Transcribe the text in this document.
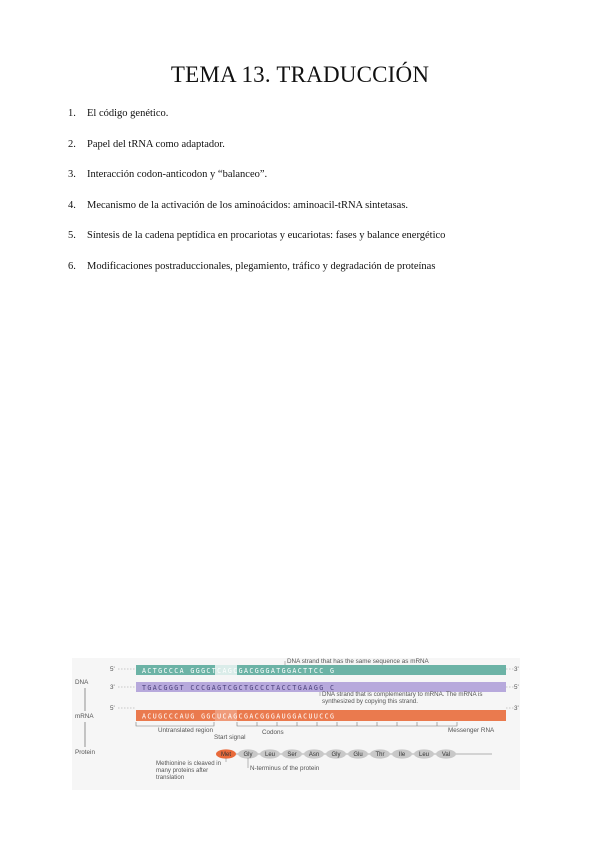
TEMA 13. TRADUCCIÓN
1. El código genético.
2. Papel del tRNA como adaptador.
3. Interacción codon-anticodon y “balanceo”.
4. Mecanismo de la activación de los aminoácidos: aminoacil-tRNA sintetasas.
5. Síntesis de la cadena peptídica en procariotas y eucariotas: fases y balance energético
6. Modificaciones postraduccionales, plegamiento, tráfico y degradación de proteínas
DNA
mRNA
Protein
5'	ACTGCCCA GGGCTCAGCGACGGGATGGACTTCC G	3'
3'	TGACGGGT CCCGAGTCGCTGCCCTACCTGAAGG C	5'
DNA strand that has the same sequence as mRNA
DNA strand that is complementary to mRNA. The mRNA is synthesized by copying this strand.
5'
ACUGCCCAUG GGCUCAGCGACGGGAUGGACUUCCG
3'
Untranslated region
Start signal
Codons	Messenger RNA
Met Gly Leu Ser Asn Gly Glu Thr Ile Leu Val
Methionine is cleaved in many proteins after translation
N-terminus of the protein
